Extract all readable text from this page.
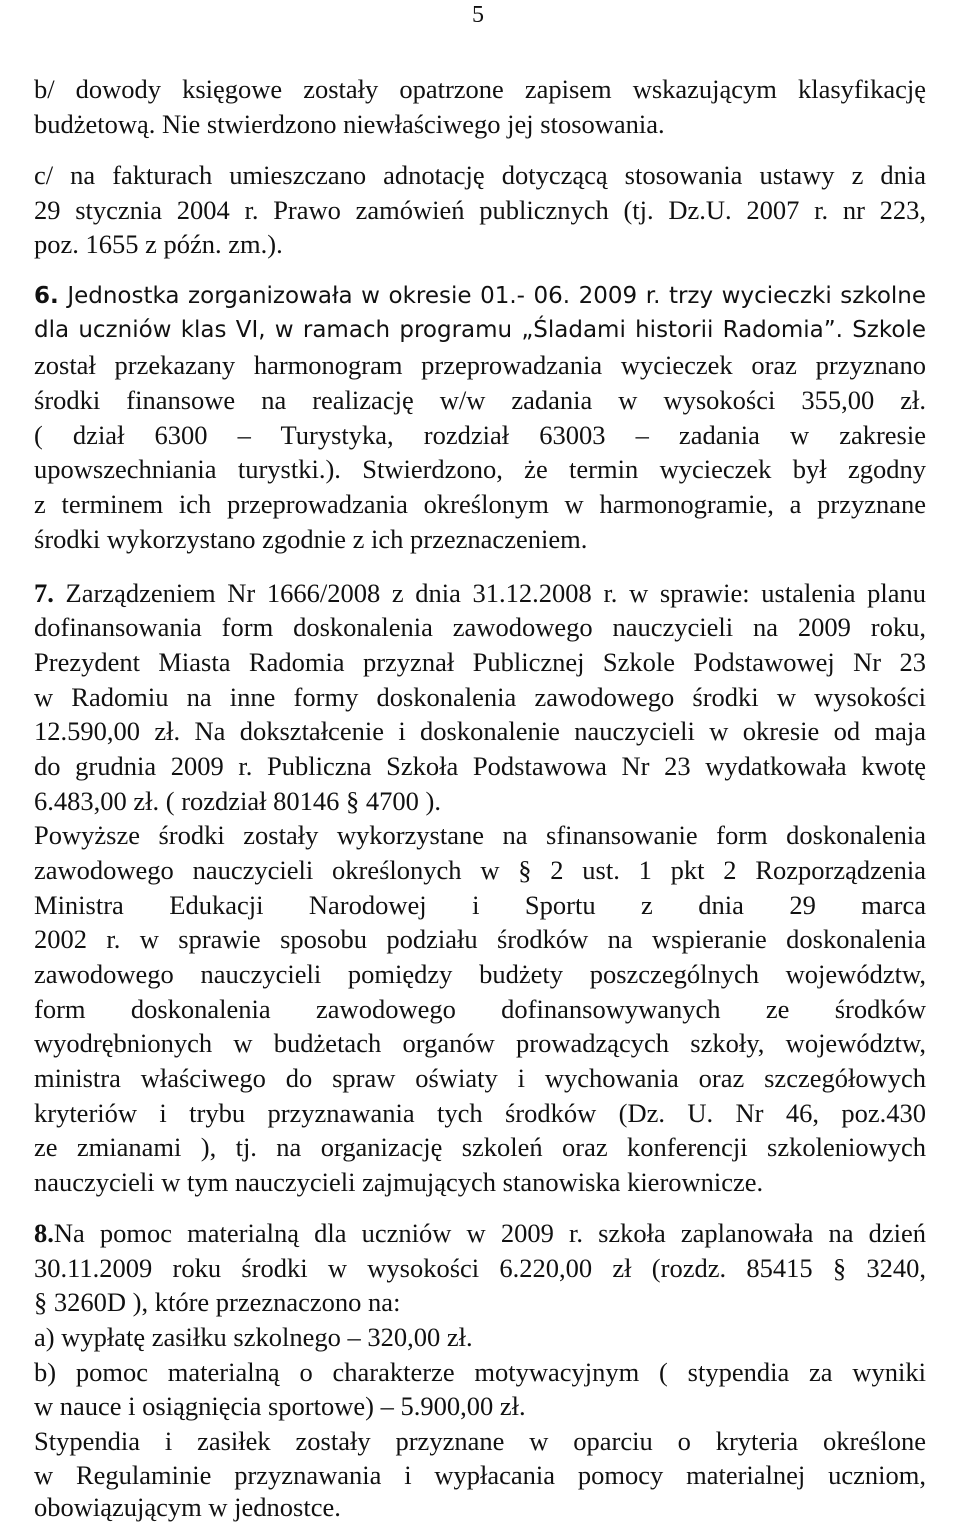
5
b/ dowody księgowe zostały opatrzone zapisem wskazującym klasyfikację
budżetową. Nie stwierdzono niewłaściwego jej stosowania.
c/ na fakturach umieszczano adnotację dotyczącą stosowania ustawy z dnia
29 stycznia 2004 r. Prawo zamówień publicznych (tj. Dz.U. 2007 r. nr 223,
poz. 1655 z późn. zm.).
6. Jednostka zorganizowała w okresie 01.- 06. 2009 r. trzy wycieczki szkolne
dla uczniów klas VI, w ramach programu „Śladami historii Radomia”. Szkole
został przekazany harmonogram przeprowadzania wycieczek oraz przyznano
środki finansowe na realizację w/w zadania w wysokości 355,00 zł.
( dział 6300 – Turystyka, rozdział 63003 – zadania w zakresie
upowszechniania turystki.). Stwierdzono, że termin wycieczek był zgodny
z terminem ich przeprowadzania określonym w harmonogramie, a przyznane
środki wykorzystano zgodnie z ich przeznaczeniem.
7. Zarządzeniem Nr 1666/2008 z dnia 31.12.2008 r. w sprawie: ustalenia planu
dofinansowania form doskonalenia zawodowego nauczycieli na 2009 roku,
Prezydent Miasta Radomia przyznał Publicznej Szkole Podstawowej Nr 23
w Radomiu na inne formy doskonalenia zawodowego środki w wysokości
12.590,00 zł. Na dokształcenie i doskonalenie nauczycieli w okresie od maja
do grudnia 2009 r. Publiczna Szkoła Podstawowa Nr 23 wydatkowała kwotę
6.483,00 zł. ( rozdział 80146 § 4700 ).
Powyższe środki zostały wykorzystane na sfinansowanie form doskonalenia
zawodowego nauczycieli określonych w § 2 ust. 1 pkt 2 Rozporządzenia
Ministra Edukacji Narodowej i Sportu z dnia 29 marca
2002 r. w sprawie sposobu podziału środków na wspieranie doskonalenia
zawodowego nauczycieli pomiędzy budżety poszczególnych województw,
form doskonalenia zawodowego dofinansowywanych ze środków
wyodrębnionych w budżetach organów prowadzących szkoły, województw,
ministra właściwego do spraw oświaty i wychowania oraz szczegółowych
kryteriów i trybu przyznawania tych środków (Dz. U. Nr 46, poz.430
ze zmianami ), tj. na organizację szkoleń oraz konferencji szkoleniowych
nauczycieli w tym nauczycieli zajmujących stanowiska kierownicze.
8.Na pomoc materialną dla uczniów w 2009 r. szkoła zaplanowała na dzień
30.11.2009 roku środki w wysokości 6.220,00 zł (rozdz. 85415 § 3240,
§ 3260D ), które przeznaczono na:
a) wypłatę zasiłku szkolnego – 320,00 zł.
b) pomoc materialną o charakterze motywacyjnym ( stypendia za wyniki
w nauce i osiągnięcia sportowe) – 5.900,00 zł.
Stypendia i zasiłek zostały przyznane w oparciu o kryteria określone
w Regulaminie przyznawania i wypłacania pomocy materialnej uczniom,
obowiązującym w jednostce.
